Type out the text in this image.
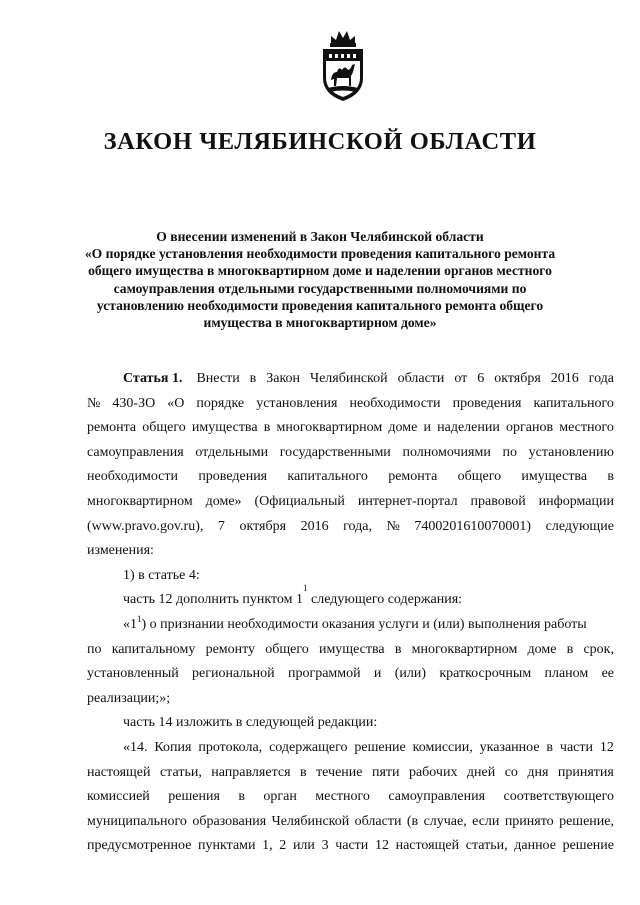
ЗАКОН ЧЕЛЯБИНСКОЙ ОБЛАСТИ
О внесении изменений в Закон Челябинской области
«О порядке установления необходимости проведения капитального ремонта
общего имущества в многоквартирном доме и наделении органов местного
самоуправления отдельными государственными полномочиями по
установлению необходимости проведения капитального ремонта общего
имущества в многоквартирном доме»
Статья 1. Внести в Закон Челябинской области от 6 октября 2016 года
№ 430-ЗО «О порядке установления необходимости проведения капитального
ремонта общего имущества в многоквартирном доме и наделении органов местного
самоуправления отдельными государственными полномочиями по установлению
необходимости проведения капитального ремонта общего имущества в
многоквартирном доме» (Официальный интернет-портал правовой информации
(www.pravo.gov.ru), 7 октября 2016 года, № 7400201610070001) следующие
изменения:
1) в статье 4:
часть 12 дополнить пунктом 1
1
следующего содержания:
«$1^1$) о признании необходимости оказания услуги и (или) выполнения работы
по капитальному ремонту общего имущества в многоквартирном доме в срок,
установленный региональной программой и (или) краткосрочным планом ее
реализации;»;
часть 14 изложить в следующей редакции:
«14. Копия протокола, содержащего решение комиссии, указанное в части 12
настоящей статьи, направляется в течение пяти рабочих дней со дня принятия
комиссией решения в орган местного самоуправления соответствующего
муниципального образования Челябинской области (в случае, если принято решение,
предусмотренное пунктами 1, 2 или 3 части 12 настоящей статьи, данное решение
